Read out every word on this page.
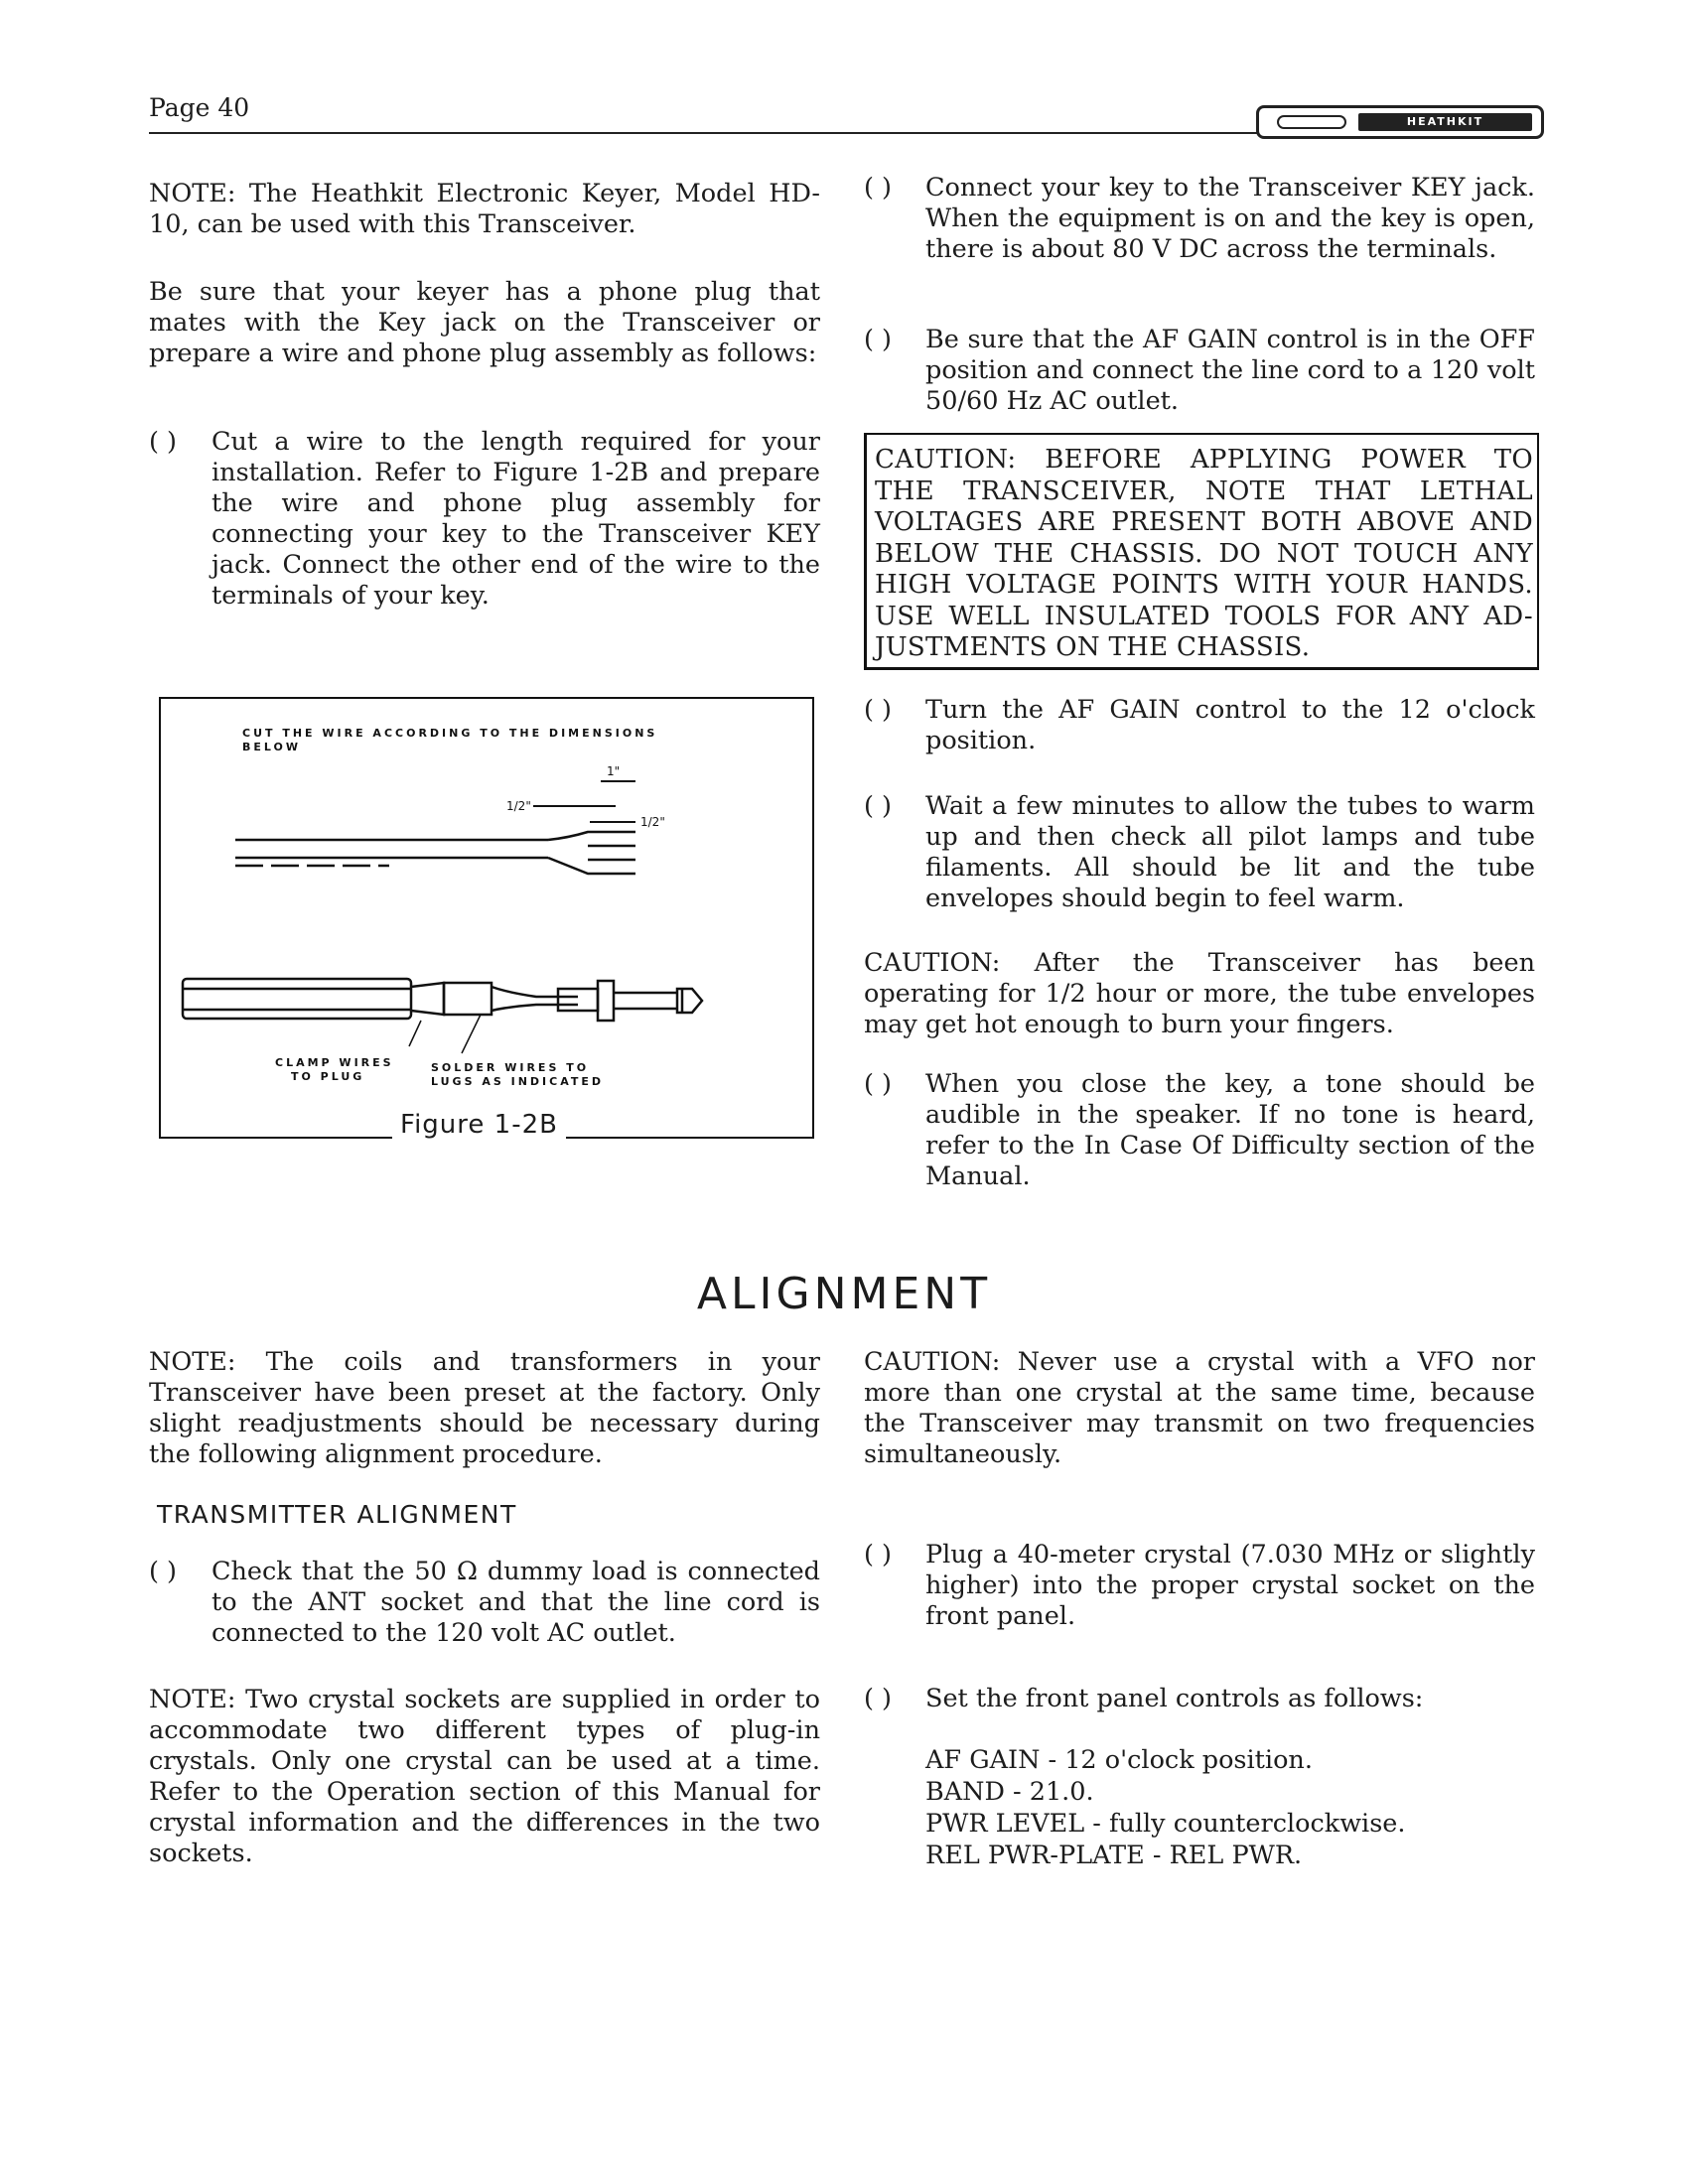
Page 40	HEATHKIT
NOTE: The Heathkit Electronic Keyer, Model HD-10, can be used with this Transceiver.
Be sure that your keyer has a phone plug that mates with the Key jack on the Transceiver or prepare a wire and phone plug assembly as follows:
( )	Cut a wire to the length required for your installation. Refer to Figure 1-2B and prepare the wire and phone plug assembly for connecting your key to the Transceiver KEY jack. Connect the other end of the wire to the terminals of your key.
CUT THE WIRE ACCORDING TO THE DIMENSIONS
BELOW
1"
1/2"
1/2"
CLAMP WIRES
TO PLUG
SOLDER WIRES TO
LUGS AS INDICATED
Figure 1-2B
( )	Connect your key to the Transceiver KEY jack. When the equipment is on and the key is open, there is about 80 V DC across the terminals.
( )	Be sure that the AF GAIN control is in the OFF position and connect the line cord to a 120 volt 50/60 Hz AC outlet.
CAUTION: BEFORE APPLYING POWER TO
THE TRANSCEIVER, NOTE THAT LETHAL
VOLTAGES ARE PRESENT BOTH ABOVE AND
BELOW THE CHASSIS. DO NOT TOUCH ANY
HIGH VOLTAGE POINTS WITH YOUR HANDS.
USE WELL INSULATED TOOLS FOR ANY AD-
JUSTMENTS ON THE CHASSIS.
( )	Turn the AF GAIN control to the 12 o'clock position.
( )	Wait a few minutes to allow the tubes to warm up and then check all pilot lamps and tube filaments. All should be lit and the tube envelopes should begin to feel warm.
CAUTION: After the Transceiver has been operating for 1/2 hour or more, the tube envelopes may get hot enough to burn your fingers.
( )	When you close the key, a tone should be audible in the speaker. If no tone is heard, refer to the In Case Of Difficulty section of the Manual.
ALIGNMENT
NOTE: The coils and transformers in your Transceiver have been preset at the factory. Only slight readjustments should be necessary during the following alignment procedure.
CAUTION: Never use a crystal with a VFO nor more than one crystal at the same time, because the Transceiver may transmit on two frequencies simultaneously.
TRANSMITTER ALIGNMENT
( )	Check that the 50 Ω dummy load is connected to the ANT socket and that the line cord is connected to the 120 volt AC outlet.
( )	Plug a 40-meter crystal (7.030 MHz or slightly higher) into the proper crystal socket on the front panel.
NOTE: Two crystal sockets are supplied in order to accommodate two different types of plug-in crystals. Only one crystal can be used at a time. Refer to the Operation section of this Manual for crystal information and the differences in the two sockets.
( )	Set the front panel controls as follows:
AF GAIN - 12 o'clock position.
BAND - 21.0.
PWR LEVEL - fully counterclockwise.
REL PWR-PLATE - REL PWR.
